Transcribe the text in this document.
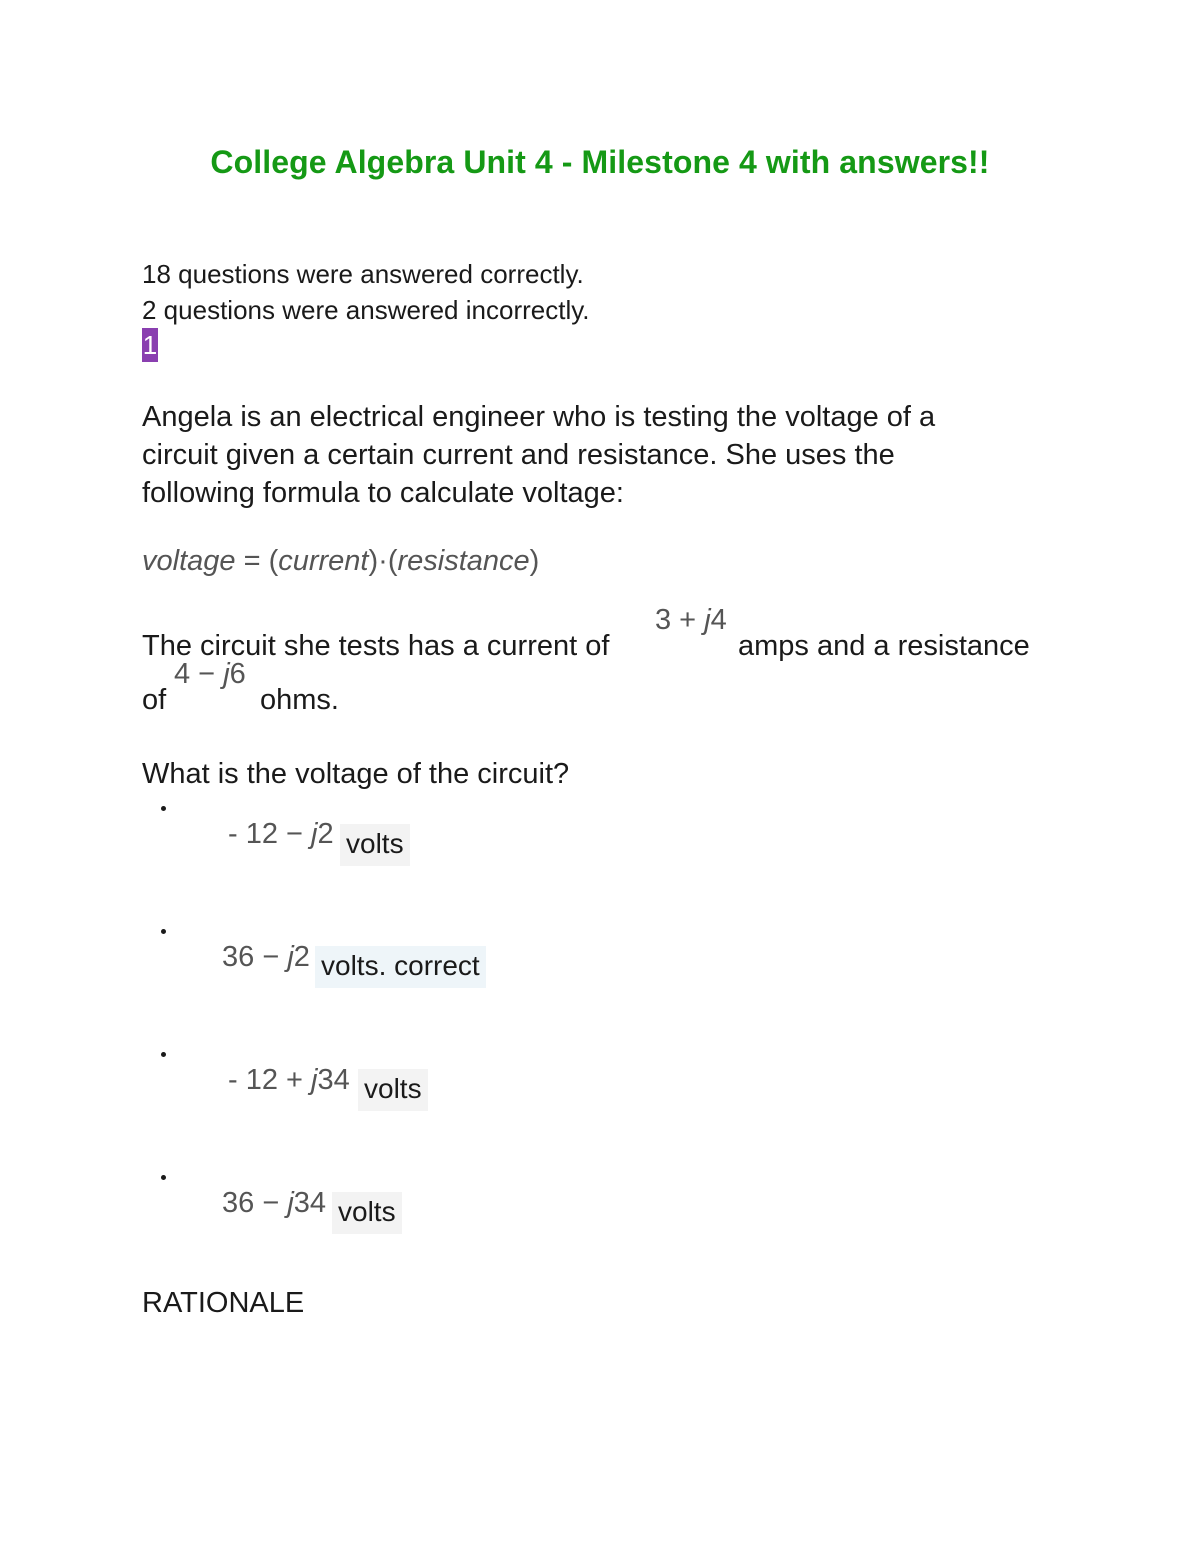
College Algebra Unit 4 - Milestone 4 with answers!!
18 questions were answered correctly.
2 questions were answered incorrectly.
1
Angela is an electrical engineer who is testing the voltage of a
circuit given a certain current and resistance. She uses the
following formula to calculate voltage:
voltage = (current)·(resistance)
The circuit she tests has a current of
3 + j4
amps and a resistance
of
4 − j6
ohms.
What is the voltage of the circuit?
- 12 − j2 volts
36 − j2 volts. correct
- 12 + j34 volts
36 − j34 volts
RATIONALE
